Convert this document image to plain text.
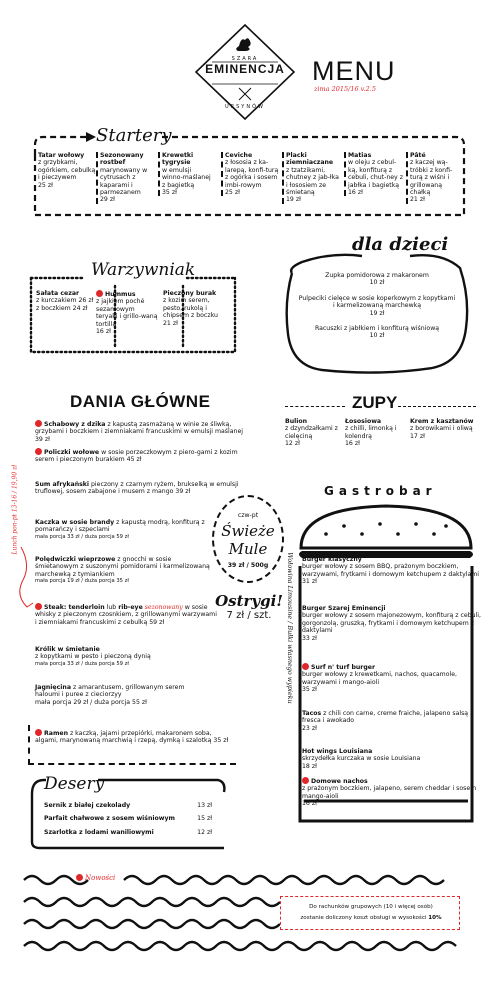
SZARA
EMINENCJA
URSYNÓW
MENU
zima 2015/16 v.2.5
Startery
Tatar wołowy
z grzybkami, ogórkiem, cebulką i pieczywem
25 zł
Sezonowany rostbef
marynowany w cytrusach z kaparami i parmezanem
29 zł
Krewetki tygrysie
w emulsji winno-maślanej z bagietką
35 zł
Ceviche
z łososia z ka-larepą, konfi-turą z ogórka i sosem imbi-rowym
25 zł
Placki ziemniaczane
z tzatzikami, chutney z jab-łka i łososiem ze śmietaną
19 zł
Matias
w oleju z cebul-ką, konfiturą z cebuli, chut-ney z jabłka i bagietką
16 zł
Pâté
z kaczej wą-tróbki z konfi-turą z wiśni i grillowaną chałką
21 zł
Warzywniak
Sałata cezar
z kurczakiem 26 zł z boczkiem 24 zł
Hummus
z jajkiem poché sezamowym teryaki i grillo-waną tortillą
16 zł
Pieczony burak
z kozim serem, pesto, rukolą i chipsem z boczku
21 zł
dla dzieci
Zupka pomidorowa z makaronem
10 zł
Pulpeciki cielęce w sosie koperkowym z kopytkami i karmelizowaną marchewką
19 zł
Racuszki z jabłkiem i konfiturą wiśniową
10 zł
DANIA GŁÓWNE
Lunch pon-pt 13-16 / 19,90 zł
Schabowy z dzika z kapustą zasmażaną w winie ze śliwką, grzybami i boczkiem i ziemniakami francuskimi w emulsji maślanej 39 zł
Policzki wołowe w sosie porzeczkowym z piero-gami z kozim serem i pieczonym burakiem 45 zł
Sum afrykański pieczony z czarnym ryżem, brukselką w emulsji truflowej, sosem zabajone i musem z mango 39 zł
Kaczka w sosie brandy z kapustą modrą, konfiturą z pomarańczy i szpeclami
mała porcja 33 zł / duża porcja 59 zł
Polędwiczki wieprzowe z gnocchi w sosie śmietanowym z suszonymi pomidorami i karmelizowaną marchewką z tymiankiem
mała porcja 19 zł / duża porcja 35 zł
Steak: tenderloin lub rib-eye sezonowany w sosie whisky z pieczonym czosnkiem, z grillowanymi warzywami i ziemniakami francuskimi z cebulką 59 zł
Królik w śmietanie
z kopytkami w pesto i pieczoną dynią
mała porcja 33 zł / duża porcja 59 zł
Jagnięcina z amarantusem, grillowanym serem haloumi i puree z cieciorzyy
mała porcja 29 zł / duża porcja 55 zł
Ramen z kaczką, jajami przepiórki, makaronem soba, algami, marynowaną marchwią i rzepą, dymką i szalotką 35 zł
ZUPY
Bulion
z dzyndzałkami z cielęciną
12 zł
Łososiowa
z chilli, limonką i kolendrą
16 zł
Krem z kasztanów
z borowikami i oliwą
17 zł
czw-pt
Świeże
Mule
39 zł / 500g
Ostrygi!
7 zł / szt.	Wołowina Limousine / Bułki własnego wypieku
Gastrobar
Burger klasyczny
burger wołowy z sosem BBQ, prażonym boczkiem, warzywami, frytkami i domowym ketchupem z daktylami
31 zł
Burger Szarej Eminencji
burger wołowy z sosem majonezowym, konfiturą z cebuli, gorgonzolą, gruszką, frytkami i domowym ketchupem z daktylami
33 zł
Surf n' turf burger
burger wołowy z krewetkami, nachos, quacamole, warzywami i mango-aioli
35 zł
Tacos z chili con carne, creme fraiche, jalapeno salsą fresca i awokado
23 zł
Hot wings Louisiana
skrzydełka kurczaka w sosie Louisiana
18 zł
Domowe nachos
z prażonym boczkiem, jalapeno, serem cheddar i sosem mango-aioli
16 zł
Desery
Sernik z białej czekolady	13 zł
Parfait chałwowe z sosem wiśniowym	15 zł
Szarlotka z lodami waniliowymi	12 zł
Nowości
Do rachunków grupowych (10 i więcej osób)
zostanie doliczony koszt obsługi w wysokości 10%
